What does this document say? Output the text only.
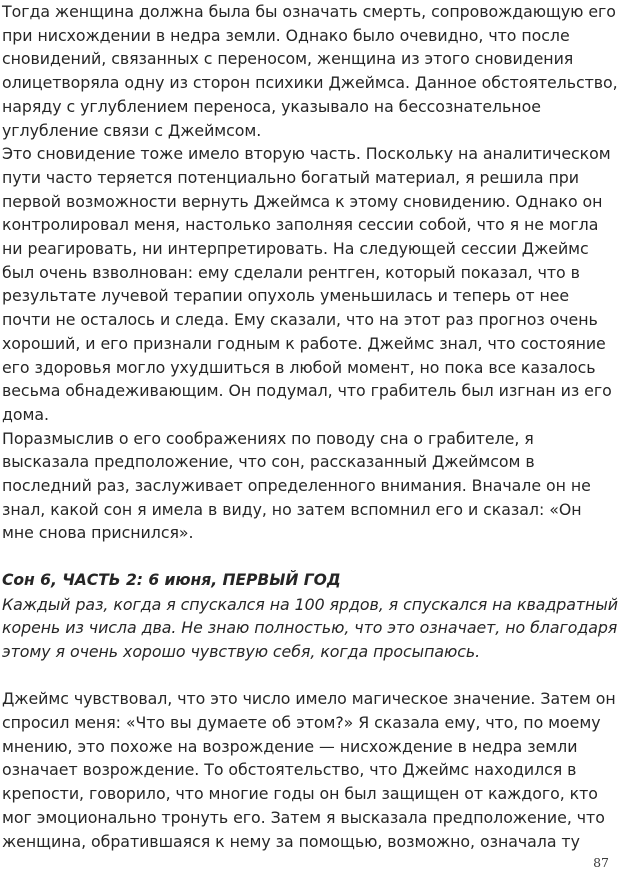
Тогда женщина должна была бы означать смерть, сопровождающую его при нисхождении в недра земли. Однако было очевидно, что после сновидений, связанных с переносом, женщина из этого сновидения олицетворяла одну из сторон психики Джеймса. Данное обстоятельство, наряду с углублением переноса, указывало на бессознательное углубление связи с Джеймсом.

Это сновидение тоже имело вторую часть. Поскольку на аналитическом пути часто теряется потенциально богатый материал, я решила при первой возможности вернуть Джеймса к этому сновидению. Однако он контролировал меня, настолько заполняя сессии собой, что я не могла ни реагировать, ни интерпретировать. На следующей сессии Джеймс был очень взволнован: ему сделали рентген, который показал, что в результате лучевой терапии опухоль уменьшилась и теперь от нее почти не осталось и следа. Ему сказали, что на этот раз прогноз очень хороший, и его признали годным к работе. Джеймс знал, что состояние его здоровья могло ухудшиться в любой момент, но пока все казалось весьма обнадеживающим. Он подумал, что грабитель был изгнан из его дома.

Поразмыслив о его соображениях по поводу сна о грабителе, я высказала предположение, что сон, рассказанный Джеймсом в последний раз, заслуживает определенного внимания. Вначале он не знал, какой сон я имела в виду, но затем вспомнил его и сказал: «Он мне снова приснился».

Сон 6, ЧАСТЬ 2: 6 июня, ПЕРВЫЙ ГОД

Каждый раз, когда я спускался на 100 ярдов, я спускался на квадратный корень из числа два. Не знаю полностью, что это означает, но благодаря этому я очень хорошо чувствую себя, когда просыпаюсь.

Джеймс чувствовал, что это число имело магическое значение. Затем он спросил меня: «Что вы думаете об этом?» Я сказала ему, что, по моему мнению, это похоже на возрождение — нисхождение в недра земли означает возрождение. То обстоятельство, что Джеймс находился в крепости, говорило, что многие годы он был защищен от каждого, кто мог эмоционально тронуть его. Затем я высказала предположение, что женщина, обратившаяся к нему за помощью, возможно, означала ту

87
